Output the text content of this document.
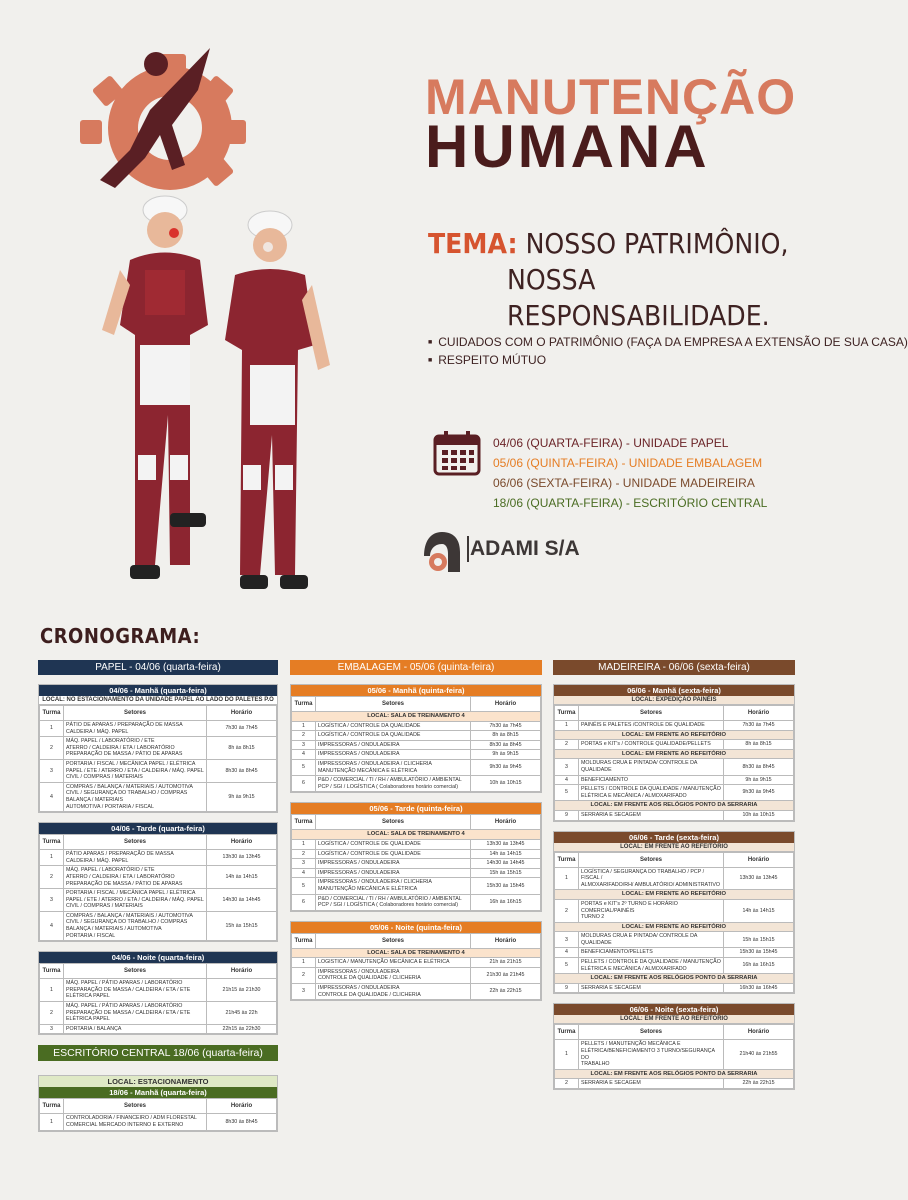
MANUTENÇÃO
HUMANA
TEMA: NOSSO PATRIMÔNIO,
NOSSA RESPONSABILIDADE.
■ CUIDADOS COM O PATRIMÔNIO (FAÇA DA EMPRESA A EXTENSÃO DE SUA CASA)
■ RESPEITO MÚTUO
04/06 (QUARTA-FEIRA) - UNIDADE PAPEL
05/06 (QUINTA-FEIRA) - UNIDADE EMBALAGEM
06/06 (SEXTA-FEIRA) - UNIDADE MADEIREIRA
18/06 (QUARTA-FEIRA) - ESCRITÓRIO CENTRAL
ADAMI S/A
CRONOGRAMA:
PAPEL - 04/06 (quarta-feira)
04/06 - Manhã (quarta-feira)
LOCAL: NO ESTACIONAMENTO DA UNIDADE PAPEL AO LADO DO PALETES P.O
Turma	Setores	Horário
1	PÁTIO DE APARAS / PREPARAÇÃO DE MASSA
CALDEIRA / MÁQ. PAPEL	7h30 às 7h45
2	MÁQ. PAPEL / LABORATÓRIO / ETE
ATERRO / CALDEIRA / ETA / LABORATÓRIO
PREPARAÇÃO DE MASSA / PÁTIO DE APARAS	8h às 8h15
3	PORTARIA / FISCAL / MECÂNICA PAPEL / ELÉTRICA
PAPEL / ETE / ATERRO / ETA / CALDEIRA / MÁQ. PAPEL
CIVIL / COMPRAS / MATERIAIS	8h30 às 8h45
4	COMPRAS / BALANÇA / MATERIAIS / AUTOMOTIVA
CIVIL / SEGURANÇA DO TRABALHO / COMPRAS
BALANÇA / MATERIAIS
AUTOMOTIVA / PORTARIA / FISCAL	9h às 9h15
04/06 - Tarde (quarta-feira)
Turma	Setores	Horário
1	PÁTIO APARAS / PREPARAÇÃO DE MASSA
CALDEIRA / MÁQ. PAPEL	13h30 às 13h45
2	MÁQ. PAPEL / LABORATÓRIO / ETE
ATERRO / CALDEIRA / ETA / LABORATÓRIO
PREPARAÇÃO DE MASSA / PÁTIO DE APARAS	14h às 14h15
3	PORTARIA / FISCAL / MECÂNICA PAPEL / ELÉTRICA
PAPEL / ETE / ATERRO / ETA / CALDEIRA / MÁQ. PAPEL
CIVIL / COMPRAS / MATERIAIS	14h30 às 14h45
4	COMPRAS / BALANÇA / MATERIAIS / AUTOMOTIVA
CIVIL / SEGURANÇA DO TRABALHO / COMPRAS
BALANÇA / MATERIAIS / AUTOMOTIVA
PORTARIA / FISCAL	15h às 15h15
04/06 - Noite (quarta-feira)
Turma	Setores	Horário
1	MÁQ. PAPEL / PÁTIO APARAS / LABORATÓRIO
PREPARAÇÃO DE MASSA / CALDEIRA / ETA / ETE
ELÉTRICA PAPEL	21h15 às 21h30
2	MÁQ. PAPEL / PÁTIO APARAS / LABORATÓRIO
PREPARAÇÃO DE MASSA / CALDEIRA / ETA / ETE
ELÉTRICA PAPEL	21h45 às 22h
3	PORTARIA / BALANÇA	22h15 às 22h30
ESCRITÓRIO CENTRAL 18/06 (quarta-feira)
LOCAL: ESTACIONAMENTO
18/06 - Manhã (quarta-feira)
Turma	Setores	Horário
1	CONTROLADORIA / FINANCEIRO / ADM FLORESTAL
COMERCIAL MERCADO INTERNO E EXTERNO	8h30 às 8h45
EMBALAGEM - 05/06 (quinta-feira)
05/06 - Manhã (quinta-feira)
Turma	Setores	Horário
LOCAL: SALA DE TREINAMENTO 4		
1	LOGÍSTICA / CONTROLE DA QUALIDADE	7h30 às 7h45
2	LOGÍSTICA / CONTROLE DA QUALIDADE	8h às 8h15
3	IMPRESSORAS / ONDULADEIRA	8h30 às 8h45
4	IMPRESSORAS / ONDULADEIRA	9h às 9h15
5	IMPRESSORAS / ONDULADEIRA / CLICHERIA
MANUTENÇÃO MECÂNICA E ELÉTRICA	9h30 às 9h45
6	P&D / COMERCIAL / TI / RH / AMBULATÓRIO / AMBIENTAL
PCP / SGI / LOGÍSTICA ( Colaboradores horário comercial)	10h às 10h15
05/06 - Tarde (quinta-feira)
Turma	Setores	Horário
LOCAL: SALA DE TREINAMENTO 4		
1	LOGÍSTICA / CONTROLE DE QUALIDADE	13h30 às 13h45
2	LOGÍSTICA / CONTROLE DE QUALIDADE	14h às 14h15
3	IMPRESSORAS / ONDULADEIRA	14h30 às 14h45
4	IMPRESSORAS / ONDULADEIRA	15h às 15h15
5	IMPRESSORAS / ONDULADEIRA / CLICHERIA
MANUTENÇÃO MECÂNICA E ELÉTRICA	15h30 às 15h45
6	P&D / COMERCIAL / TI / RH / AMBULATÓRIO / AMBIENTAL
PCP / SGI / LOGÍSTICA ( Colaboradores horário comercial)	16h às 16h15
05/06 - Noite (quinta-feira)
Turma	Setores	Horário
LOCAL: SALA DE TREINAMENTO 4		
1	LOGISTICA / MANUTENÇÃO MECÂNICA E ELÉTRICA	21h às 21h15
2	IMPRESSORAS / ONDULADEIRA
CONTROLE DA QUALIDADE / CLICHERIA	21h30 às 21h45
3	IMPRESSORAS / ONDULADEIRA
CONTROLE DA QUALIDADE / CLICHERIA	22h às 22h15
MADEIREIRA - 06/06 (sexta-feira)
06/06 - Manhã (sexta-feira)
LOCAL: EXPEDIÇÃO PAINÉIS
Turma	Setores	Horário
1	PAINÉIS E PALETES /CONTROLE DE QUALIDADE	7h30 às 7h45
LOCAL: EM FRENTE AO REFEITÓRIO		
2	PORTAS e KIT's / CONTROLE QUALIDADE/PELLETS	8h às 8h15
LOCAL: EM FRENTE AO REFEITÓRIO		
3	MOLDURAS CRUA E PINTADA/ CONTROLE DA QUALIDADE	8h30 às 8h45
4	BENEFICIAMENTO	9h às 9h15
5	PELLETS / CONTROLE DA QUALIDADE / MANUTENÇÃO
ELÉTRICA E MECÂNICA / ALMOXARIFADO	9h30 às 9h45
LOCAL: EM FRENTE AOS RELÓGIOS PONTO DA SERRARIA		
9	SERRARIA E SECAGEM	10h às 10h15
06/06 - Tarde (sexta-feira)
LOCAL: EM FRENTE AO REFEITÓRIO
Turma	Setores	Horário
1	LOGÍSTICA / SEGURANÇA DO TRABALHO / PCP / FISCAL /
ALMOXARIFADO/RH/ AMBULATÓRIO/ ADMINISTRATIVO	13h30 às 13h45
LOCAL: EM FRENTE AO REFEITÓRIO		
2	PORTAS e KIT's 2º TURNO E HORÁRIO COMERCIAL/PAINÉIS
TURNO 2	14h às 14h15
LOCAL: EM FRENTE AO REFEITÓRIO		
3	MOLDURAS CRUA E PINTADA/ CONTROLE DA QUALIDADE	15h às 15h15
4	BENEFICIAMENTO/PELLETS	15h30 às 15h45
5	PELLETS / CONTROLE DA QUALIDADE / MANUTENÇÃO
ELÉTRICA E MECÂNICA / ALMOXARIFADO	16h às 16h15
LOCAL: EM FRENTE AOS RELÓGIOS PONTO DA SERRARIA		
9	SERRARIA E SECAGEM	16h30 às 16h45
06/06 - Noite (sexta-feira)
LOCAL: EM FRENTE AO REFEITÓRIO
Turma	Setores	Horário
1	PELLETS / MANUTENÇÃO MECÂNICA E
ELÉTRICA/BENEFICIAMENTO 3 TURNO/SEGURANÇA DO
TRABALHO	21h40 às 21h55
LOCAL: EM FRENTE AOS RELÓGIOS PONTO DA SERRARIA		
2	SERRARIA E SECAGEM	22h às 22h15
